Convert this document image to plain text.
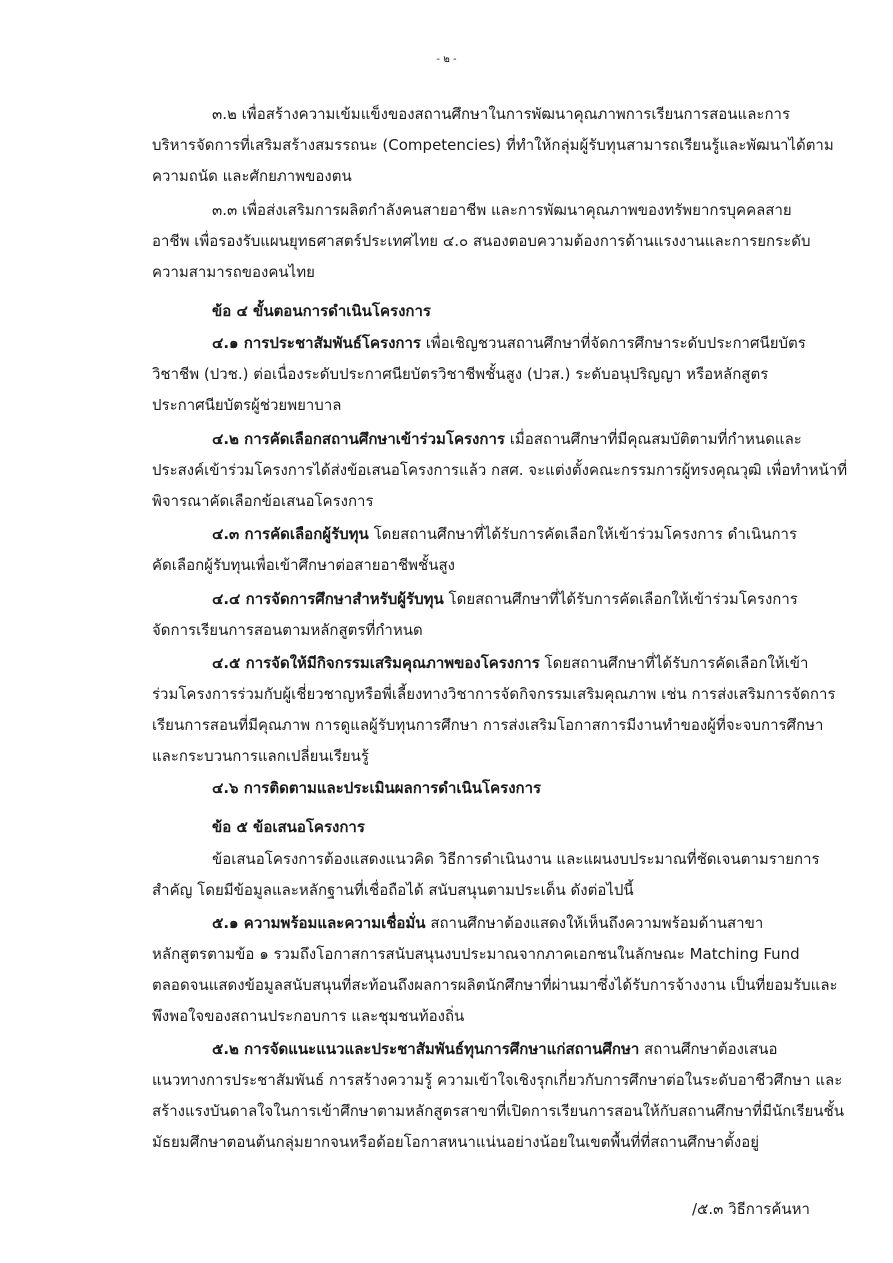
- ๒ -
๓.๒ เพื่อสร้างความเข้มแข็งของสถานศึกษาในการพัฒนาคุณภาพการเรียนการสอนและการ
บริหารจัดการที่เสริมสร้างสมรรถนะ (Competencies) ที่ทำให้กลุ่มผู้รับทุนสามารถเรียนรู้และพัฒนาได้ตาม
ความถนัด และศักยภาพของตน
๓.๓ เพื่อส่งเสริมการผลิตกำลังคนสายอาชีพ และการพัฒนาคุณภาพของทรัพยากรบุคคลสาย
อาชีพ เพื่อรองรับแผนยุทธศาสตร์ประเทศไทย ๔.๐ สนองตอบความต้องการด้านแรงงานและการยกระดับ
ความสามารถของคนไทย
ข้อ ๔ ขั้นตอนการดำเนินโครงการ
๔.๑ การประชาสัมพันธ์โครงการ เพื่อเชิญชวนสถานศึกษาที่จัดการศึกษาระดับประกาศนียบัตร
วิชาชีพ (ปวช.) ต่อเนื่องระดับประกาศนียบัตรวิชาชีพชั้นสูง (ปวส.) ระดับอนุปริญญา หรือหลักสูตร
ประกาศนียบัตรผู้ช่วยพยาบาล
๔.๒ การคัดเลือกสถานศึกษาเข้าร่วมโครงการ เมื่อสถานศึกษาที่มีคุณสมบัติตามที่กำหนดและ
ประสงค์เข้าร่วมโครงการได้ส่งข้อเสนอโครงการแล้ว กสศ. จะแต่งตั้งคณะกรรมการผู้ทรงคุณวุฒิ เพื่อทำหน้าที่
พิจารณาคัดเลือกข้อเสนอโครงการ
๔.๓ การคัดเลือกผู้รับทุน โดยสถานศึกษาที่ได้รับการคัดเลือกให้เข้าร่วมโครงการ ดำเนินการ
คัดเลือกผู้รับทุนเพื่อเข้าศึกษาต่อสายอาชีพชั้นสูง
๔.๔ การจัดการศึกษาสำหรับผู้รับทุน โดยสถานศึกษาที่ได้รับการคัดเลือกให้เข้าร่วมโครงการ
จัดการเรียนการสอนตามหลักสูตรที่กำหนด
๔.๕ การจัดให้มีกิจกรรมเสริมคุณภาพของโครงการ โดยสถานศึกษาที่ได้รับการคัดเลือกให้เข้า
ร่วมโครงการร่วมกับผู้เชี่ยวชาญหรือพี่เลี้ยงทางวิชาการจัดกิจกรรมเสริมคุณภาพ เช่น การส่งเสริมการจัดการ
เรียนการสอนที่มีคุณภาพ การดูแลผู้รับทุนการศึกษา การส่งเสริมโอกาสการมีงานทำของผู้ที่จะจบการศึกษา
และกระบวนการแลกเปลี่ยนเรียนรู้
๔.๖ การติดตามและประเมินผลการดำเนินโครงการ
ข้อ ๕ ข้อเสนอโครงการ
ข้อเสนอโครงการต้องแสดงแนวคิด วิธีการดำเนินงาน และแผนงบประมาณที่ชัดเจนตามรายการ
สำคัญ โดยมีข้อมูลและหลักฐานที่เชื่อถือได้ สนับสนุนตามประเด็น ดังต่อไปนี้
๕.๑ ความพร้อมและความเชื่อมั่น สถานศึกษาต้องแสดงให้เห็นถึงความพร้อมด้านสาขา
หลักสูตรตามข้อ ๑ รวมถึงโอกาสการสนับสนุนงบประมาณจากภาคเอกชนในลักษณะ Matching Fund
ตลอดจนแสดงข้อมูลสนับสนุนที่สะท้อนถึงผลการผลิตนักศึกษาที่ผ่านมาซึ่งได้รับการจ้างงาน เป็นที่ยอมรับและ
พึงพอใจของสถานประกอบการ และชุมชนท้องถิ่น
๕.๒ การจัดแนะแนวและประชาสัมพันธ์ทุนการศึกษาแก่สถานศึกษา สถานศึกษาต้องเสนอ
แนวทางการประชาสัมพันธ์ การสร้างความรู้ ความเข้าใจเชิงรุกเกี่ยวกับการศึกษาต่อในระดับอาชีวศึกษา และ
สร้างแรงบันดาลใจในการเข้าศึกษาตามหลักสูตรสาขาที่เปิดการเรียนการสอนให้กับสถานศึกษาที่มีนักเรียนชั้น
มัธยมศึกษาตอนต้นกลุ่มยากจนหรือด้อยโอกาสหนาแน่นอย่างน้อยในเขตพื้นที่ที่สถานศึกษาตั้งอยู่
/๕.๓ วิธีการค้นหา
